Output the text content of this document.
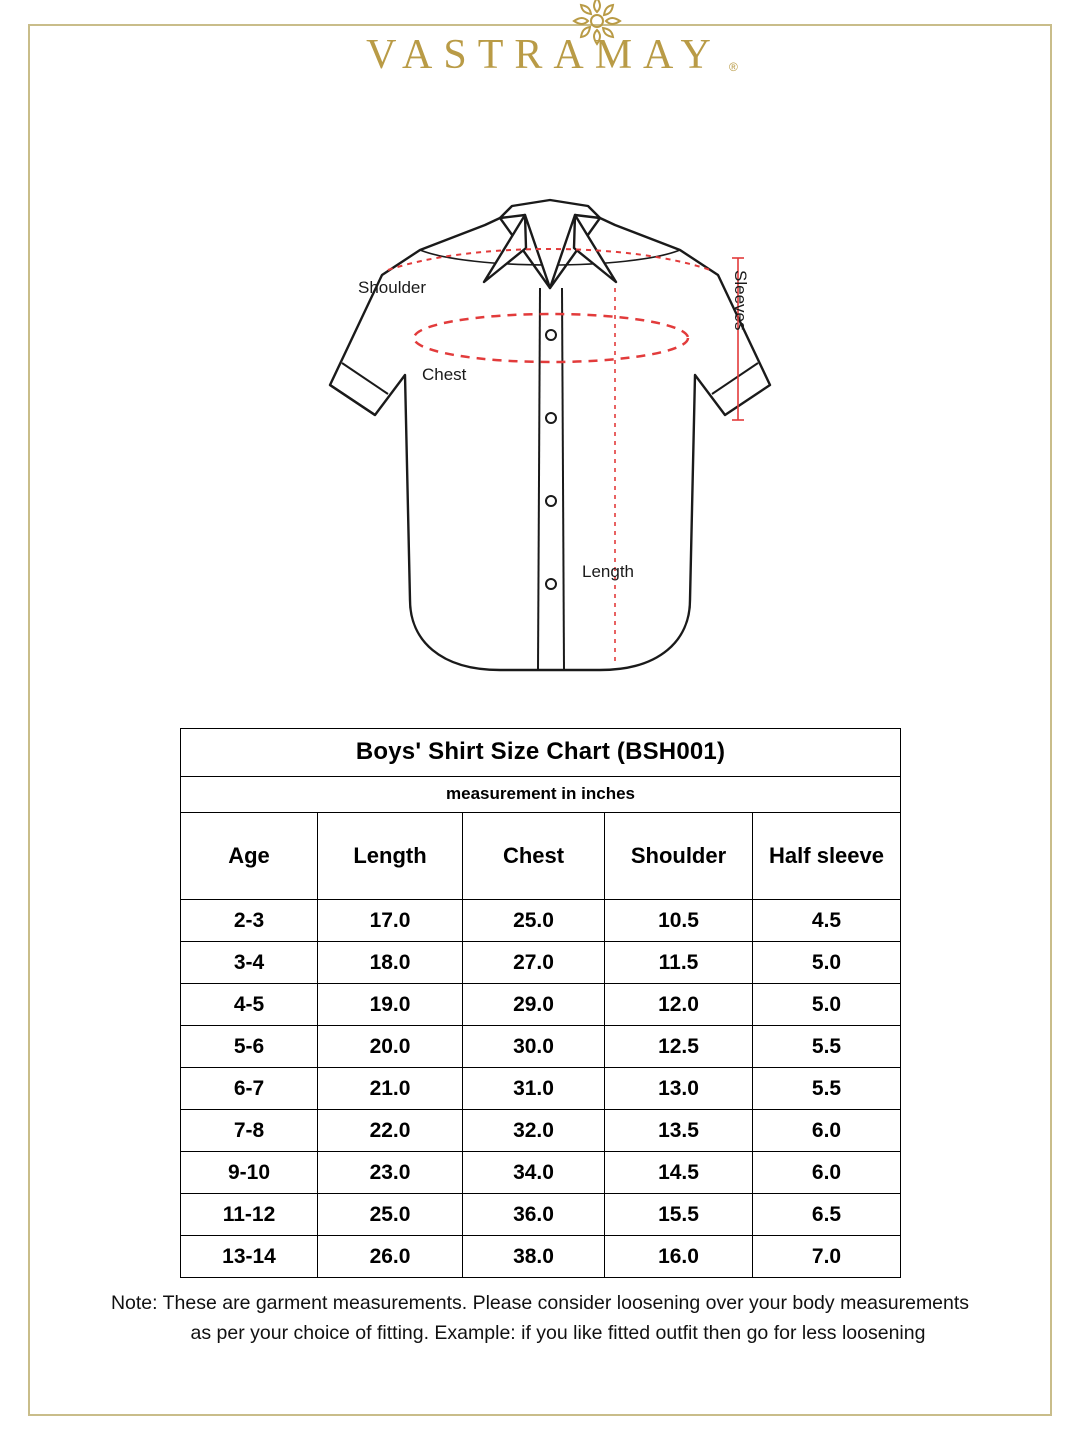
VASTRAMAY ®
Shoulder
Chest
Length
Sleeves
Boys' Shirt Size Chart (BSH001)				
measurement in inches				
Age	Length	Chest	Shoulder	Half sleeve
2-3	17.0	25.0	10.5	4.5
3-4	18.0	27.0	11.5	5.0
4-5	19.0	29.0	12.0	5.0
5-6	20.0	30.0	12.5	5.5
6-7	21.0	31.0	13.0	5.5
7-8	22.0	32.0	13.5	6.0
9-10	23.0	34.0	14.5	6.0
11-12	25.0	36.0	15.5	6.5
13-14	26.0	38.0	16.0	7.0
Note: These are garment measurements. Please consider loosening over your body measurements
as per your choice of fitting. Example: if you like fitted outfit then go for less loosening
